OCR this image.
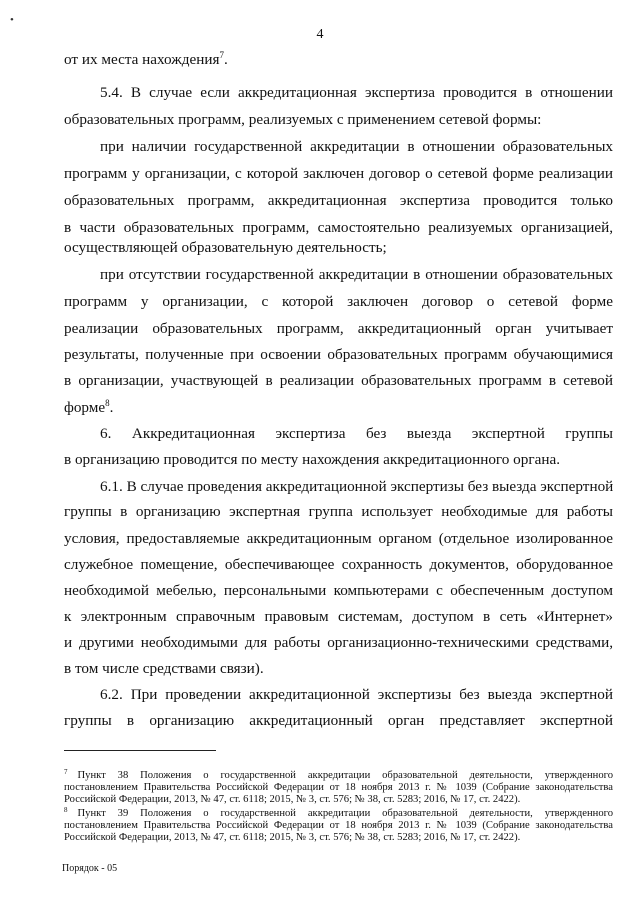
•
4
от их места нахождения$^7$.
5.4. В случае если аккредитационная экспертиза проводится в отношении
образовательных программ, реализуемых с применением сетевой формы:
при наличии государственной аккредитации в отношении образовательных
программ у организации, с которой заключен договор о сетевой форме реализации
образовательных программ, аккредитационная экспертиза проводится только
в части образовательных программ, самостоятельно реализуемых организацией,
осуществляющей образовательную деятельность;
при отсутствии государственной аккредитации в отношении образовательных
программ у организации, с которой заключен договор о сетевой форме
реализации образовательных программ, аккредитационный орган учитывает
результаты, полученные при освоении образовательных программ обучающимися
в организации, участвующей в реализации образовательных программ в сетевой
форме$^8$.
6. Аккредитационная экспертиза без выезда экспертной группы
в организацию проводится по месту нахождения аккредитационного органа.
6.1. В случае проведения аккредитационной экспертизы без выезда экспертной
группы в организацию экспертная группа использует необходимые для работы
условия, предоставляемые аккредитационным органом (отдельное изолированное
служебное помещение, обеспечивающее сохранность документов, оборудованное
необходимой мебелью, персональными компьютерами с обеспеченным доступом
к электронным справочным правовым системам, доступом в сеть «Интернет»
и другими необходимыми для работы организационно-техническими средствами,
в том числе средствами связи).
6.2. При проведении аккредитационной экспертизы без выезда экспертной
группы в организацию аккредитационный орган представляет экспертной
$^7$ Пункт 38 Положения о государственной аккредитации образовательной деятельности, утвержденного
постановлением Правительства Российской Федерации от 18 ноября 2013 г. № 1039 (Собрание законодательства
Российской Федерации, 2013, № 47, ст. 6118; 2015, № 3, ст. 576; № 38, ст. 5283; 2016, № 17, ст. 2422).
$^8$ Пункт 39 Положения о государственной аккредитации образовательной деятельности, утвержденного
постановлением Правительства Российской Федерации от 18 ноября 2013 г. № 1039 (Собрание законодательства
Российской Федерации, 2013, № 47, ст. 6118; 2015, № 3, ст. 576; № 38, ст. 5283; 2016, № 17, ст. 2422).
Порядок - 05
